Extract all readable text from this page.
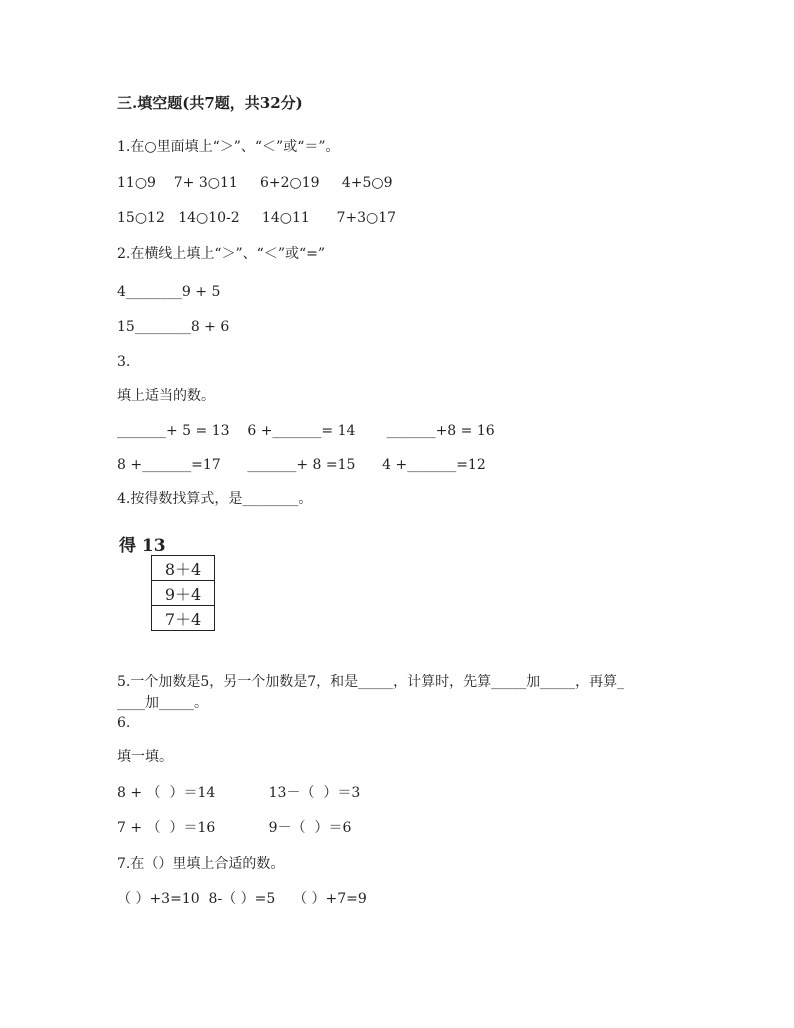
三.填空题(共7题，共32分)
1.在○里面填上“＞”、“＜”或“＝”。
11○9    7+ 3○11     6+2○19     4+5○9
15○12   14○10-2     14○11      7+3○17
2.在横线上填上“＞”、“＜”或“=”
4________9 + 5
15________8 + 6
3.
填上适当的数。
_______+ 5 = 13    6 +_______= 14       _______+8 = 16
8 +_______=17      _______+ 8 =15      4 +_______=12
4.按得数找算式，是________。
得 13
8＋4
9＋4
7＋4
5.一个加数是5，另一个加数是7，和是_____，计算时，先算_____加_____，再算_
____加_____。
6.
填一填。
8 + （  ）＝14            13－（  ）＝3
7 + （  ）＝16            9－（  ）＝6
7.在（）里填上合适的数。
（ ）+3=10  8-（ ）=5    （ ）+7=9
